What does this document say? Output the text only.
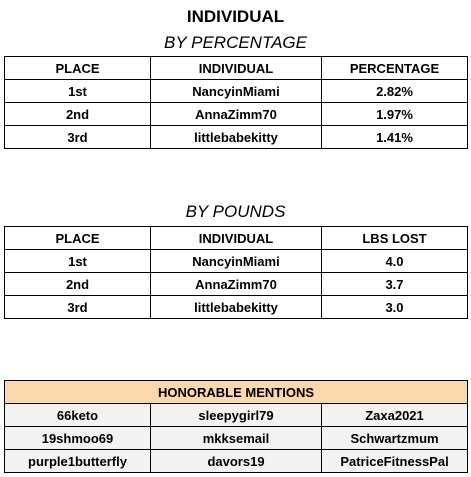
INDIVIDUAL
BY PERCENTAGE
PLACE	INDIVIDUAL	PERCENTAGE
1st	NancyinMiami	2.82%
2nd	AnnaZimm70	1.97%
3rd	littlebabekitty	1.41%
BY POUNDS
PLACE	INDIVIDUAL	LBS LOST
1st	NancyinMiami	4.0
2nd	AnnaZimm70	3.7
3rd	littlebabekitty	3.0
HONORABLE MENTIONS		
66keto	sleepygirl79	Zaxa2021
19shmoo69	mkksemail	Schwartzmum
purple1butterfly	davors19	PatriceFitnessPal
